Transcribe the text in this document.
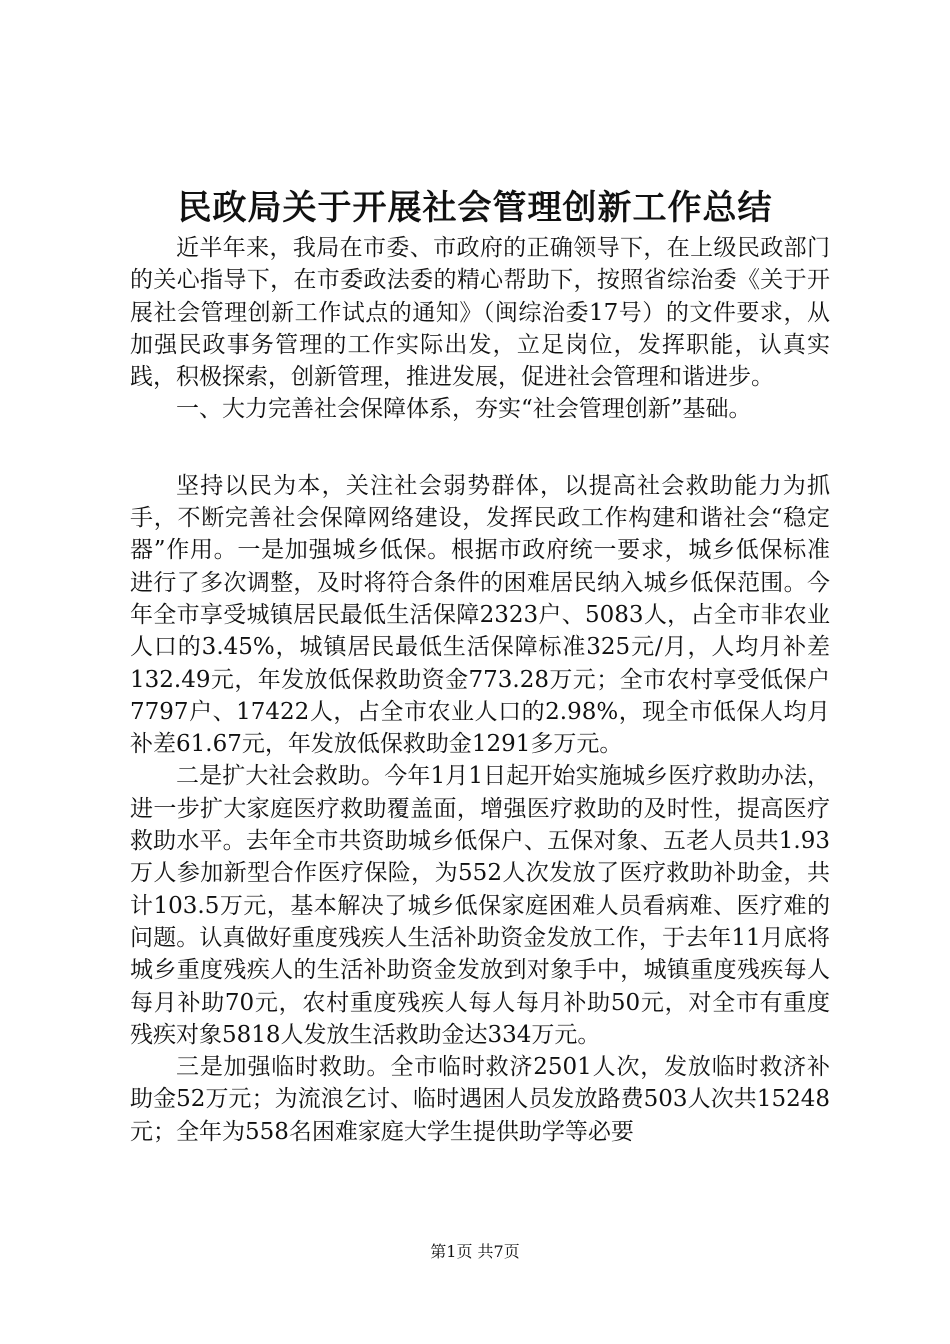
民政局关于开展社会管理创新工作总结

近半年来，我局在市委、市政府的正确领导下，在上级民政部门的关心指导下，在市委政法委的精心帮助下，按照省综治委《关于开展社会管理创新工作试点的通知》（闽综治委17号）的文件要求，从加强民政事务管理的工作实际出发，立足岗位，发挥职能，认真实践，积极探索，创新管理，推进发展，促进社会管理和谐进步。

一、大力完善社会保障体系，夯实“社会管理创新”基础。

坚持以民为本，关注社会弱势群体，以提高社会救助能力为抓手，不断完善社会保障网络建设，发挥民政工作构建和谐社会“稳定器”作用。一是加强城乡低保。根据市政府统一要求，城乡低保标准进行了多次调整，及时将符合条件的困难居民纳入城乡低保范围。今年全市享受城镇居民最低生活保障2323户、5083人，占全市非农业人口的3.45%，城镇居民最低生活保障标准325元/月，人均月补差132.49元，年发放低保救助资金773.28万元；全市农村享受低保户7797户、17422人，占全市农业人口的2.98%，现全市低保人均月补差61.67元，年发放低保救助金1291多万元。

二是扩大社会救助。今年1月1日起开始实施城乡医疗救助办法，进一步扩大家庭医疗救助覆盖面，增强医疗救助的及时性，提高医疗救助水平。去年全市共资助城乡低保户、五保对象、五老人员共1.93万人参加新型合作医疗保险，为552人次发放了医疗救助补助金，共计103.5万元，基本解决了城乡低保家庭困难人员看病难、医疗难的问题。认真做好重度残疾人生活补助资金发放工作，于去年11月底将城乡重度残疾人的生活补助资金发放到对象手中，城镇重度残疾每人每月补助70元，农村重度残疾人每人每月补助50元，对全市有重度残疾对象5818人发放生活救助金达334万元。

三是加强临时救助。全市临时救济2501人次，发放临时救济补助金52万元；为流浪乞讨、临时遇困人员发放路费503人次共15248元；全年为558名困难家庭大学生提供助学等必要

第1页 共7页
